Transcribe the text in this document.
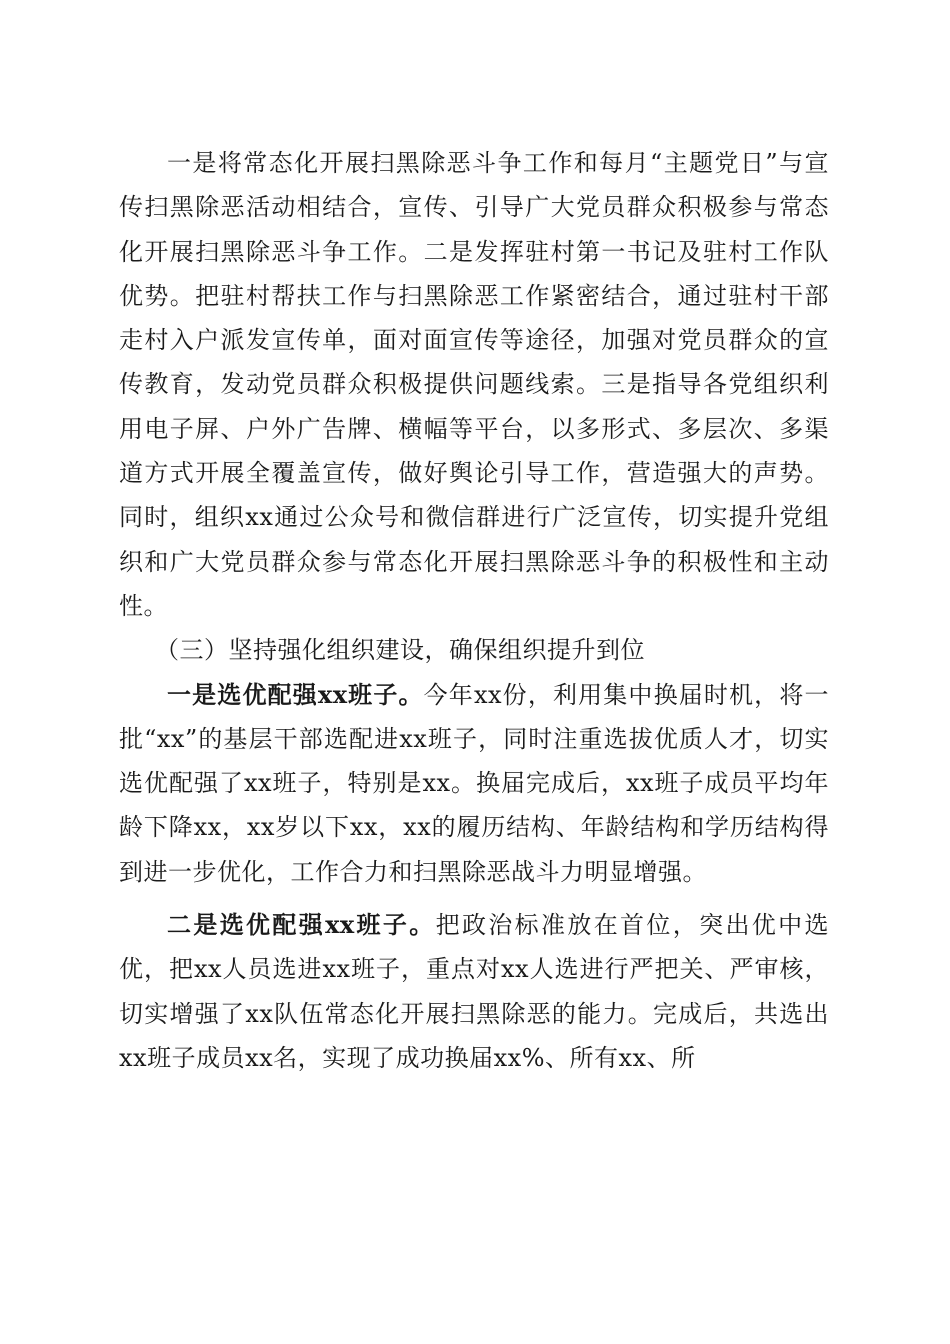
一是将常态化开展扫黑除恶斗争工作和每月“主题党日”与宣传扫黑除恶活动相结合，宣传、引导广大党员群众积极参与常态化开展扫黑除恶斗争工作。二是发挥驻村第一书记及驻村工作队优势。把驻村帮扶工作与扫黑除恶工作紧密结合，通过驻村干部走村入户派发宣传单，面对面宣传等途径，加强对党员群众的宣传教育，发动党员群众积极提供问题线索。三是指导各党组织利用电子屏、户外广告牌、横幅等平台，以多形式、多层次、多渠道方式开展全覆盖宣传，做好舆论引导工作，营造强大的声势。同时，组织xx通过公众号和微信群进行广泛宣传，切实提升党组织和广大党员群众参与常态化开展扫黑除恶斗争的积极性和主动性。

（三）坚持强化组织建设，确保组织提升到位

一是选优配强xx班子。今年xx份，利用集中换届时机，将一批“xx”的基层干部选配进xx班子，同时注重选拔优质人才，切实选优配强了xx班子，特别是xx。换届完成后，xx班子成员平均年龄下降xx，xx岁以下xx，xx的履历结构、年龄结构和学历结构得到进一步优化，工作合力和扫黑除恶战斗力明显增强。

二是选优配强xx班子。把政治标准放在首位，突出优中选优，把xx人员选进xx班子，重点对xx人选进行严把关、严审核，切实增强了xx队伍常态化开展扫黑除恶的能力。完成后，共选出xx班子成员xx名，实现了成功换届xx%、所有xx、所
